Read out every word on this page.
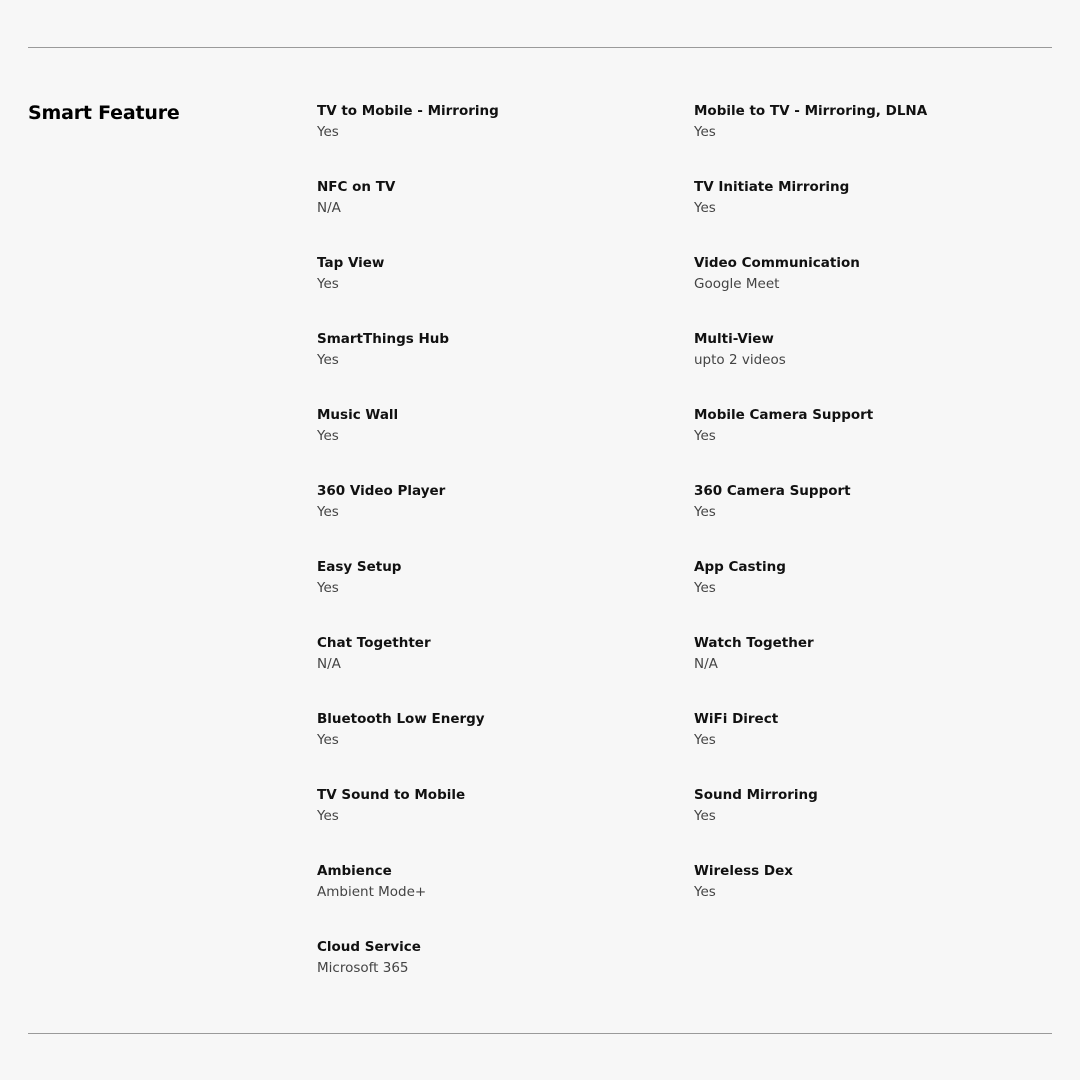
Smart Feature	TV to Mobile - Mirroring
Yes
Mobile to TV - Mirroring, DLNA
Yes
NFC on TV
N/A
TV Initiate Mirroring
Yes
Tap View
Yes
Video Communication
Google Meet
SmartThings Hub
Yes
Multi-View
upto 2 videos
Music Wall
Yes
Mobile Camera Support
Yes
360 Video Player
Yes
360 Camera Support
Yes
Easy Setup
Yes
App Casting
Yes
Chat Togethter
N/A
Watch Together
N/A
Bluetooth Low Energy
Yes
WiFi Direct
Yes
TV Sound to Mobile
Yes
Sound Mirroring
Yes
Ambience
Ambient Mode+
Wireless Dex
Yes
Cloud Service
Microsoft 365
